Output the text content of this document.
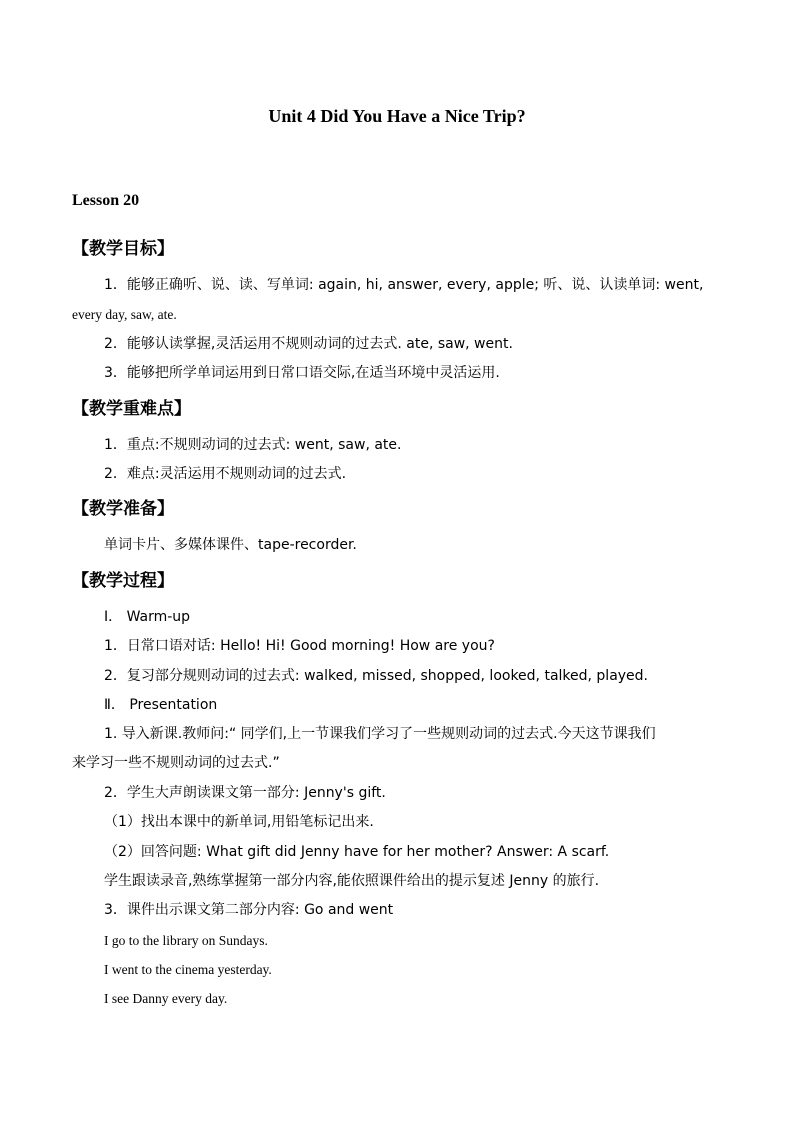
Unit 4 Did You Have a Nice Trip?
Lesson 20
【教学目标】
1．能够正确听、说、读、写单词: again, hi, answer, every, apple; 听、说、认读单词: went,
every day, saw, ate.
2．能够认读掌握,灵活运用不规则动词的过去式. ate, saw, went.
3．能够把所学单词运用到日常口语交际,在适当环境中灵活运用.
【教学重难点】
1．重点:不规则动词的过去式: went, saw, ate.
2．难点:灵活运用不规则动词的过去式.
【教学准备】
单词卡片、多媒体课件、tape-recorder.
【教学过程】
Ⅰ． Warm-up
1．日常口语对话: Hello! Hi! Good morning! How are you?
2．复习部分规则动词的过去式: walked, missed, shopped, looked, talked, played.
Ⅱ． Presentation
1. 导入新课.教师问:“ 同学们,上一节课我们学习了一些规则动词的过去式.今天这节课我们
来学习一些不规则动词的过去式.”
2．学生大声朗读课文第一部分: Jenny's gift.
（1）找出本课中的新单词,用铅笔标记出来.
（2）回答问题: What gift did Jenny have for her mother? Answer: A scarf.
学生跟读录音,熟练掌握第一部分内容,能依照课件给出的提示复述 Jenny 的旅行.
3．课件出示课文第二部分内容: Go and went
I go to the library on Sundays.
I went to the cinema yesterday.
I see Danny every day.
